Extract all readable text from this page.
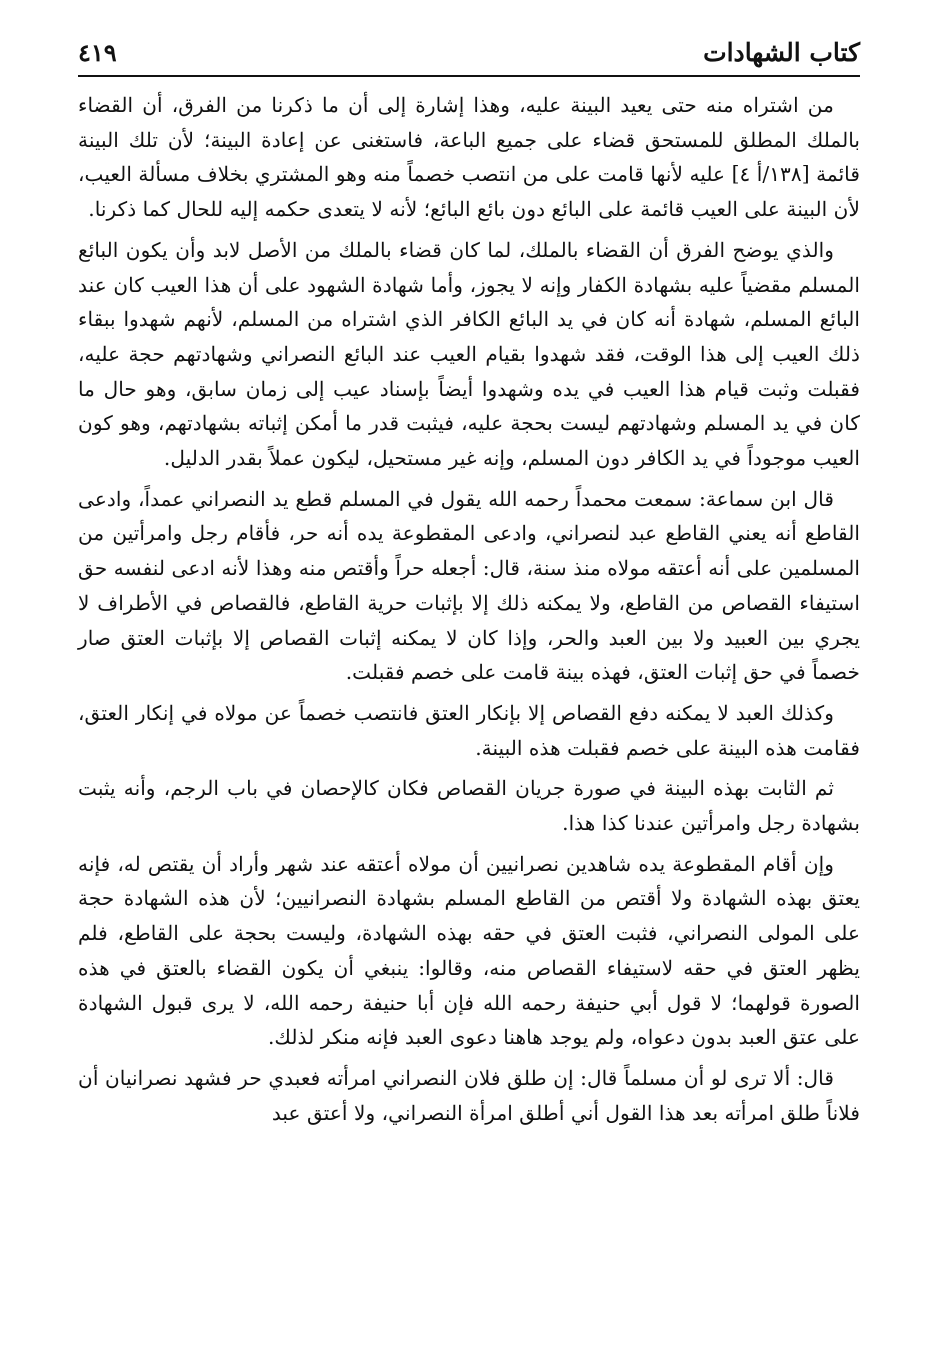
كتاب الشهادات
٤١٩

من اشتراه منه حتى يعيد البينة عليه، وهذا إشارة إلى أن ما ذكرنا من الفرق، أن القضاء بالملك المطلق للمستحق قضاء على جميع الباعة، فاستغنى عن إعادة البينة؛ لأن تلك البينة قائمة [١٣٨/أ ٤] عليه لأنها قامت على من انتصب خصماً منه وهو المشتري بخلاف مسألة العيب، لأن البينة على العيب قائمة على البائع دون بائع البائع؛ لأنه لا يتعدى حكمه إليه للحال كما ذكرنا.

والذي يوضح الفرق أن القضاء بالملك، لما كان قضاء بالملك من الأصل لابد وأن يكون البائع المسلم مقضياً عليه بشهادة الكفار وإنه لا يجوز، وأما شهادة الشهود على أن هذا العيب كان عند البائع المسلم، شهادة أنه كان في يد البائع الكافر الذي اشتراه من المسلم، لأنهم شهدوا ببقاء ذلك العيب إلى هذا الوقت، فقد شهدوا بقيام العيب عند البائع النصراني وشهادتهم حجة عليه، فقبلت وثبت قيام هذا العيب في يده وشهدوا أيضاً بإسناد عيب إلى زمان سابق، وهو حال ما كان في يد المسلم وشهادتهم ليست بحجة عليه، فيثبت قدر ما أمكن إثباته بشهادتهم، وهو كون العيب موجوداً في يد الكافر دون المسلم، وإنه غير مستحيل، ليكون عملاً بقدر الدليل.

قال ابن سماعة: سمعت محمداً رحمه الله يقول في المسلم قطع يد النصراني عمداً، وادعى القاطع أنه يعني القاطع عبد لنصراني، وادعى المقطوعة يده أنه حر، فأقام رجل وامرأتين من المسلمين على أنه أعتقه مولاه منذ سنة، قال: أجعله حراً وأقتص منه وهذا لأنه ادعى لنفسه حق استيفاء القصاص من القاطع، ولا يمكنه ذلك إلا بإثبات حرية القاطع، فالقصاص في الأطراف لا يجري بين العبيد ولا بين العبد والحر، وإذا كان لا يمكنه إثبات القصاص إلا بإثبات العتق صار خصماً في حق إثبات العتق، فهذه بينة قامت على خصم فقبلت.

وكذلك العبد لا يمكنه دفع القصاص إلا بإنكار العتق فانتصب خصماً عن مولاه في إنكار العتق، فقامت هذه البينة على خصم فقبلت هذه البينة.

ثم الثابت بهذه البينة في صورة جريان القصاص فكان كالإحصان في باب الرجم، وأنه يثبت بشهادة رجل وامرأتين عندنا كذا هذا.

وإن أقام المقطوعة يده شاهدين نصرانيين أن مولاه أعتقه عند شهر وأراد أن يقتص له، فإنه يعتق بهذه الشهادة ولا أقتص من القاطع المسلم بشهادة النصرانيين؛ لأن هذه الشهادة حجة على المولى النصراني، فثبت العتق في حقه بهذه الشهادة، وليست بحجة على القاطع، فلم يظهر العتق في حقه لاستيفاء القصاص منه، وقالوا: ينبغي أن يكون القضاء بالعتق في هذه الصورة قولهما؛ لا قول أبي حنيفة رحمه الله فإن أبا حنيفة رحمه الله، لا يرى قبول الشهادة على عتق العبد بدون دعواه، ولم يوجد هاهنا دعوى العبد فإنه منكر لذلك.

قال: ألا ترى لو أن مسلماً قال: إن طلق فلان النصراني امرأته فعبدي حر فشهد نصرانيان أن فلاناً طلق امرأته بعد هذا القول أني أطلق امرأة النصراني، ولا أعتق عبد
